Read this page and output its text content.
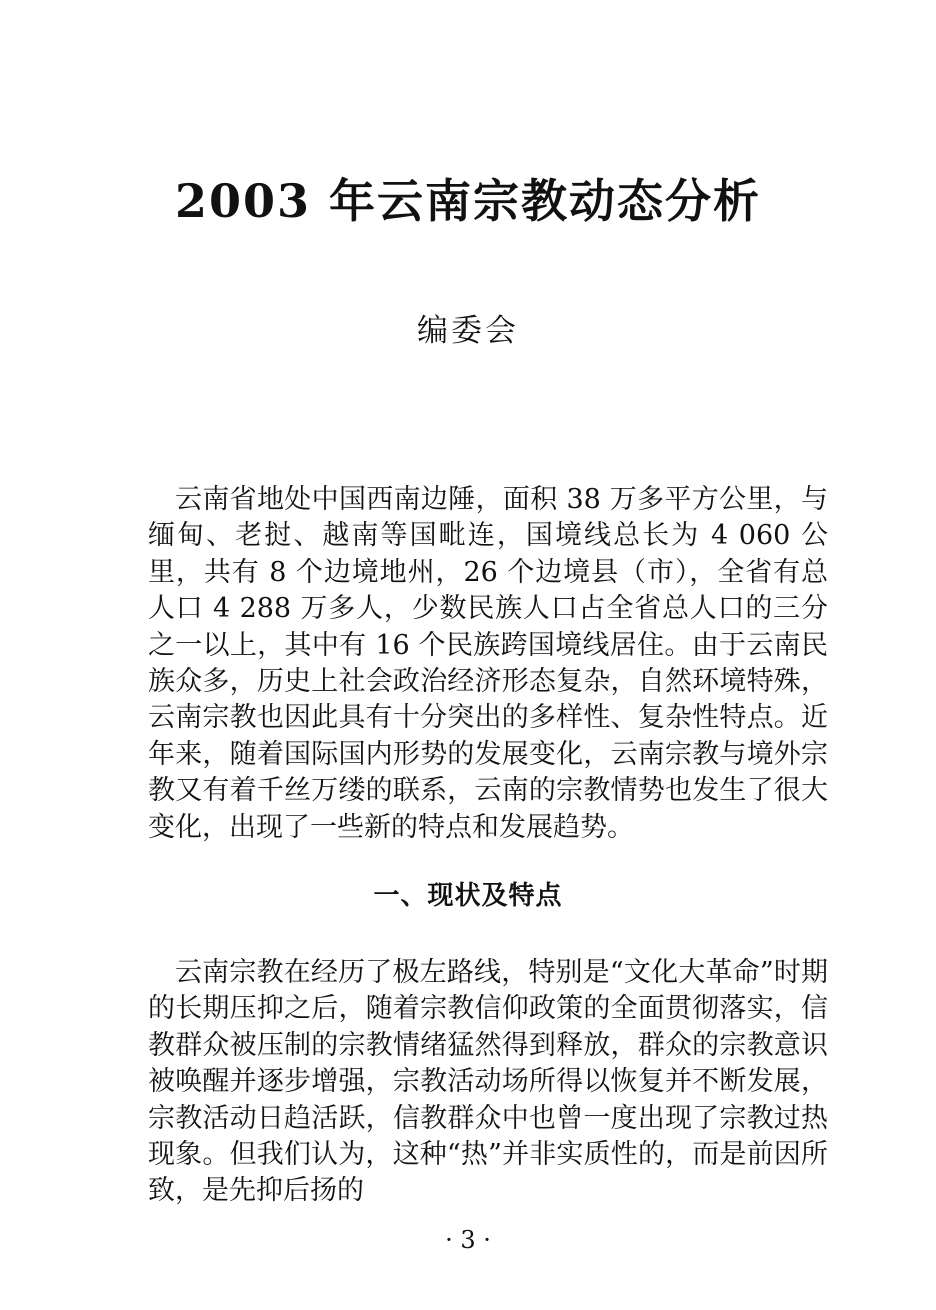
2003 年云南宗教动态分析
编委会

云南省地处中国西南边陲，面积 38 万多平方公里，与缅甸、老挝、越南等国毗连，国境线总长为 4 060 公里，共有 8 个边境地州，26 个边境县（市），全省有总人口 4 288 万多人，少数民族人口占全省总人口的三分之一以上，其中有 16 个民族跨国境线居住。由于云南民族众多，历史上社会政治经济形态复杂，自然环境特殊，云南宗教也因此具有十分突出的多样性、复杂性特点。近年来，随着国际国内形势的发展变化，云南宗教与境外宗教又有着千丝万缕的联系，云南的宗教情势也发生了很大变化，出现了一些新的特点和发展趋势。

一、现状及特点

云南宗教在经历了极左路线，特别是“文化大革命”时期的长期压抑之后，随着宗教信仰政策的全面贯彻落实，信教群众被压制的宗教情绪猛然得到释放，群众的宗教意识被唤醒并逐步增强，宗教活动场所得以恢复并不断发展，宗教活动日趋活跃，信教群众中也曾一度出现了宗教过热现象。但我们认为，这种“热”并非实质性的，而是前因所致，是先抑后扬的

· 3 ·
